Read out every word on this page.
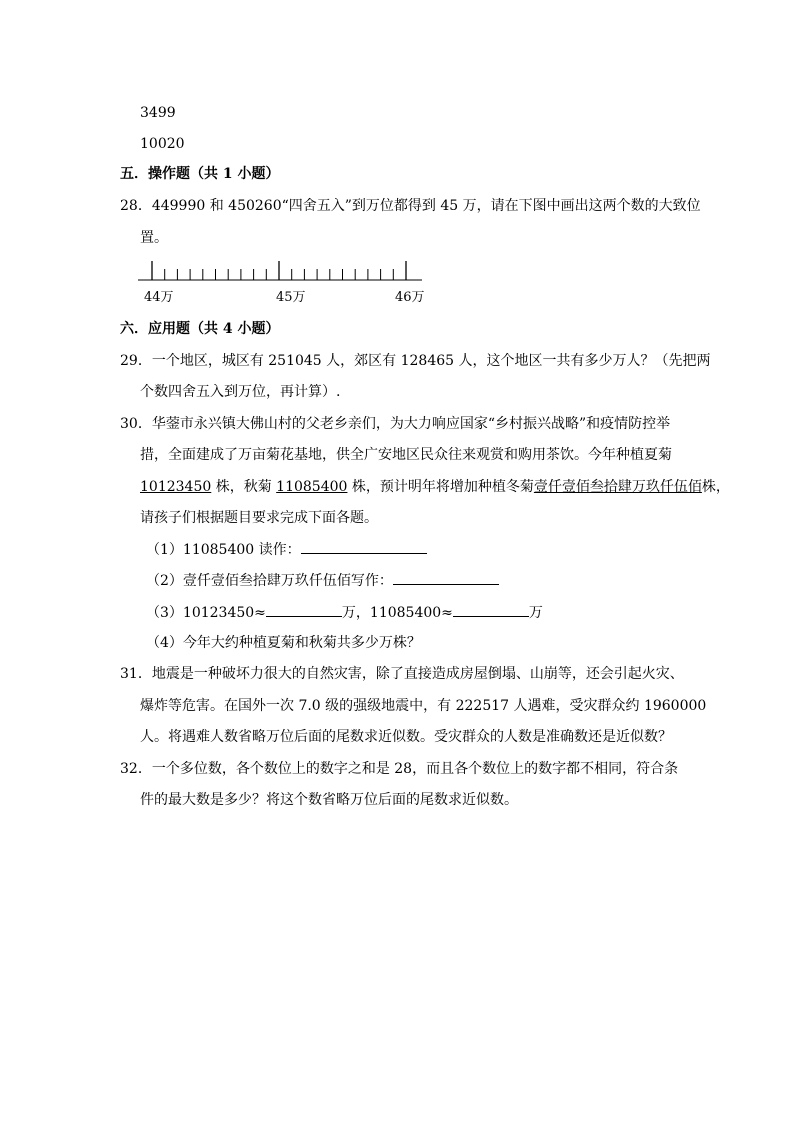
3499
10020
五．操作题（共 1 小题）
28．449990 和 450260“四舍五入”到万位都得到 45 万，请在下图中画出这两个数的大致位
置。
44万	45万	46万
六．应用题（共 4 小题）
29．一个地区，城区有 251045 人，郊区有 128465 人，这个地区一共有多少万人？（先把两
个数四舍五入到万位，再计算）.
30．华蓥市永兴镇大佛山村的父老乡亲们，为大力响应国家“乡村振兴战略”和疫情防控举
措，全面建成了万亩菊花基地，供全广安地区民众往来观赏和购用茶饮。今年种植夏菊
10123450 株，秋菊 11085400 株，预计明年将增加种植冬菊壹仟壹佰叁拾肆万玖仟伍佰株，
请孩子们根据题目要求完成下面各题。
（1）11085400 读作：
（2）壹仟壹佰叁拾肆万玖仟伍佰写作：
（3）10123450≈	万，11085400≈	万
（4）今年大约种植夏菊和秋菊共多少万株？
31．地震是一种破坏力很大的自然灾害，除了直接造成房屋倒塌、山崩等，还会引起火灾、
爆炸等危害。在国外一次 7.0 级的强级地震中，有 222517 人遇难，受灾群众约 1960000
人。将遇难人数省略万位后面的尾数求近似数。受灾群众的人数是准确数还是近似数？
32．一个多位数，各个数位上的数字之和是 28，而且各个数位上的数字都不相同，符合条
件的最大数是多少？将这个数省略万位后面的尾数求近似数。
